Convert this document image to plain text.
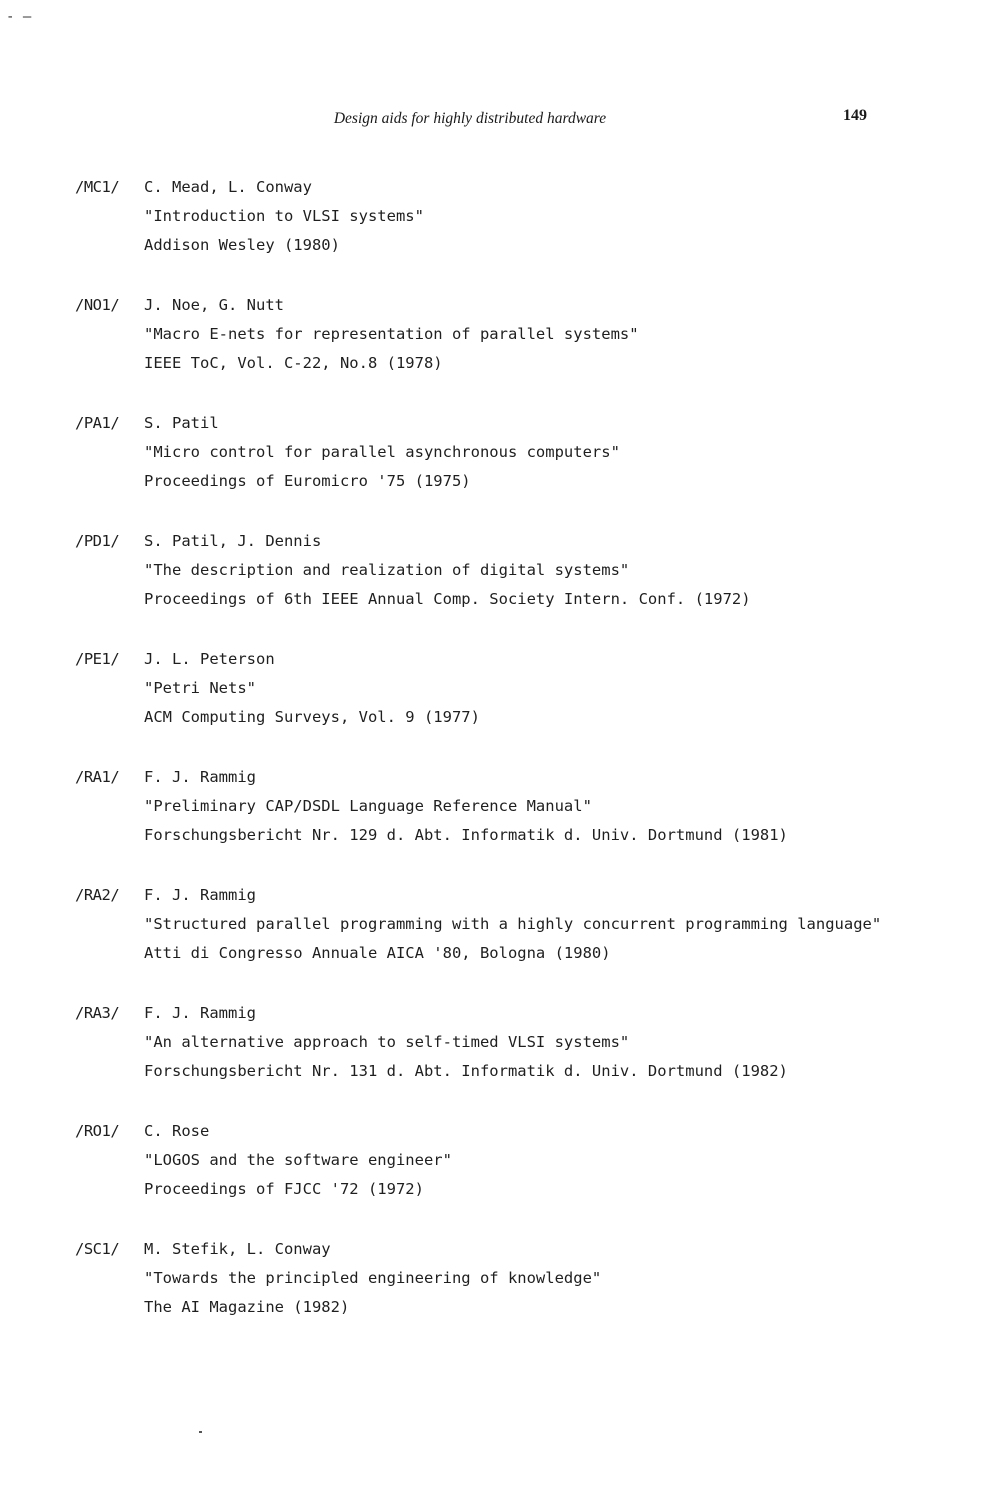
- —
Design aids for highly distributed hardware	149
/MC1/ C. Mead, L. Conway
"Introduction to VLSI systems"
Addison Wesley (1980)
/NO1/ J. Noe, G. Nutt
"Macro E-nets for representation of parallel systems"
IEEE ToC, Vol. C-22, No.8 (1978)
/PA1/ S. Patil
"Micro control for parallel asynchronous computers"
Proceedings of Euromicro '75 (1975)
/PD1/ S. Patil, J. Dennis
"The description and realization of digital systems"
Proceedings of 6th IEEE Annual Comp. Society Intern. Conf. (1972)
/PE1/ J. L. Peterson
"Petri Nets"
ACM Computing Surveys, Vol. 9 (1977)
/RA1/ F. J. Rammig
"Preliminary CAP/DSDL Language Reference Manual"
Forschungsbericht Nr. 129 d. Abt. Informatik d. Univ. Dortmund (1981)
/RA2/ F. J. Rammig
"Structured parallel programming with a highly concurrent programming language"
Atti di Congresso Annuale AICA '80, Bologna (1980)
/RA3/ F. J. Rammig
"An alternative approach to self-timed VLSI systems"
Forschungsbericht Nr. 131 d. Abt. Informatik d. Univ. Dortmund (1982)
/RO1/ C. Rose
"LOGOS and the software engineer"
Proceedings of FJCC '72 (1972)
/SC1/ M. Stefik, L. Conway
"Towards the principled engineering of knowledge"
The AI Magazine (1982)
